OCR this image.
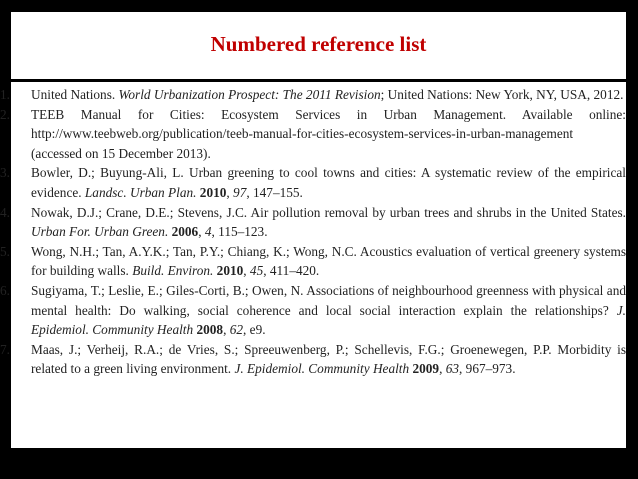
Numbered reference list
1.	United Nations. World Urbanization Prospect: The 2011 Revision; United Nations: New York, NY, USA, 2012.
2.	TEEB Manual for Cities: Ecosystem Services in Urban Management. Available online: http://www.teebweb.org/publication/teeb-manual-for-cities-ecosystem-services-in-urban-management (accessed on 15 December 2013).
3.	Bowler, D.; Buyung-Ali, L. Urban greening to cool towns and cities: A systematic review of the empirical evidence. Landsc. Urban Plan. 2010, 97, 147–155.
4.	Nowak, D.J.; Crane, D.E.; Stevens, J.C. Air pollution removal by urban trees and shrubs in the United States. Urban For. Urban Green. 2006, 4, 115–123.
5.	Wong, N.H.; Tan, A.Y.K.; Tan, P.Y.; Chiang, K.; Wong, N.C. Acoustics evaluation of vertical greenery systems for building walls. Build. Environ. 2010, 45, 411–420.
6.	Sugiyama, T.; Leslie, E.; Giles-Corti, B.; Owen, N. Associations of neighbourhood greenness with physical and mental health: Do walking, social coherence and local social interaction explain the relationships? J. Epidemiol. Community Health 2008, 62, e9.
7.	Maas, J.; Verheij, R.A.; de Vries, S.; Spreeuwenberg, P.; Schellevis, F.G.; Groenewegen, P.P. Morbidity is related to a green living environment. J. Epidemiol. Community Health 2009, 63, 967–973.
